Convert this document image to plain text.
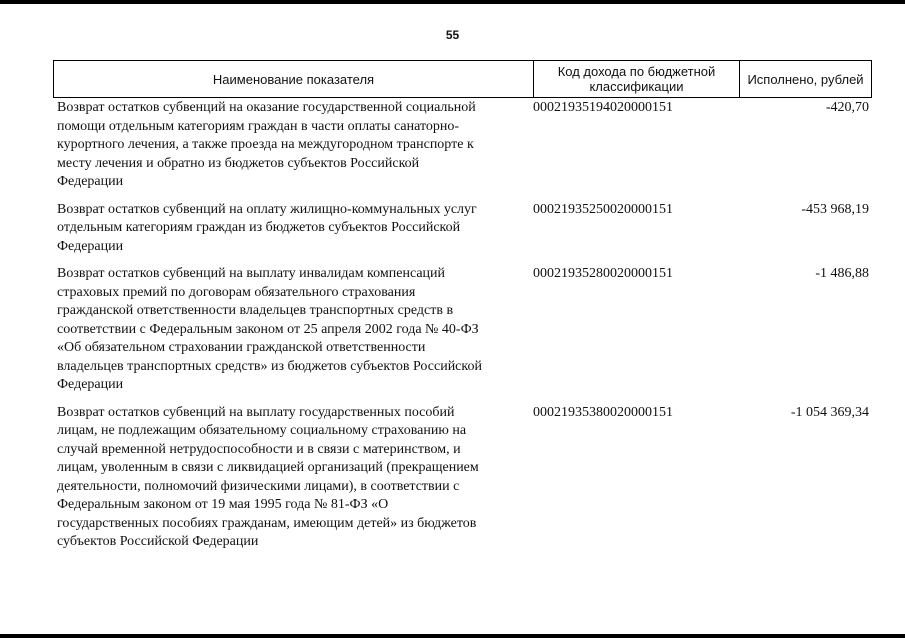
55
Наименование показателя	Код дохода по бюджетной классификации	Исполнено, рублей
Возврат остатков субвенций на оказание государственной социальной
помощи отдельным категориям граждан в части оплаты санаторно-
курортного лечения, а также проезда на междугородном транспорте к
месту лечения и обратно из бюджетов субъектов Российской
Федерации
00021935194020000151	-420,70
Возврат остатков субвенций на оплату жилищно-коммунальных услуг
отдельным категориям граждан из бюджетов субъектов Российской
Федерации
00021935250020000151	-453 968,19
Возврат остатков субвенций на выплату инвалидам компенсаций
страховых премий по договорам обязательного страхования
гражданской ответственности владельцев транспортных средств в
соответствии с Федеральным законом от 25 апреля 2002 года № 40-ФЗ
«Об обязательном страховании гражданской ответственности
владельцев транспортных средств» из бюджетов субъектов Российской
Федерации
00021935280020000151	-1 486,88
Возврат остатков субвенций на выплату государственных пособий
лицам, не подлежащим обязательному социальному страхованию на
случай временной нетрудоспособности и в связи с материнством, и
лицам, уволенным в связи с ликвидацией организаций (прекращением
деятельности, полномочий физическими лицами), в соответствии с
Федеральным законом от 19 мая 1995 года № 81-ФЗ «О
государственных пособиях гражданам, имеющим детей» из бюджетов
субъектов Российской Федерации
00021935380020000151	-1 054 369,34
